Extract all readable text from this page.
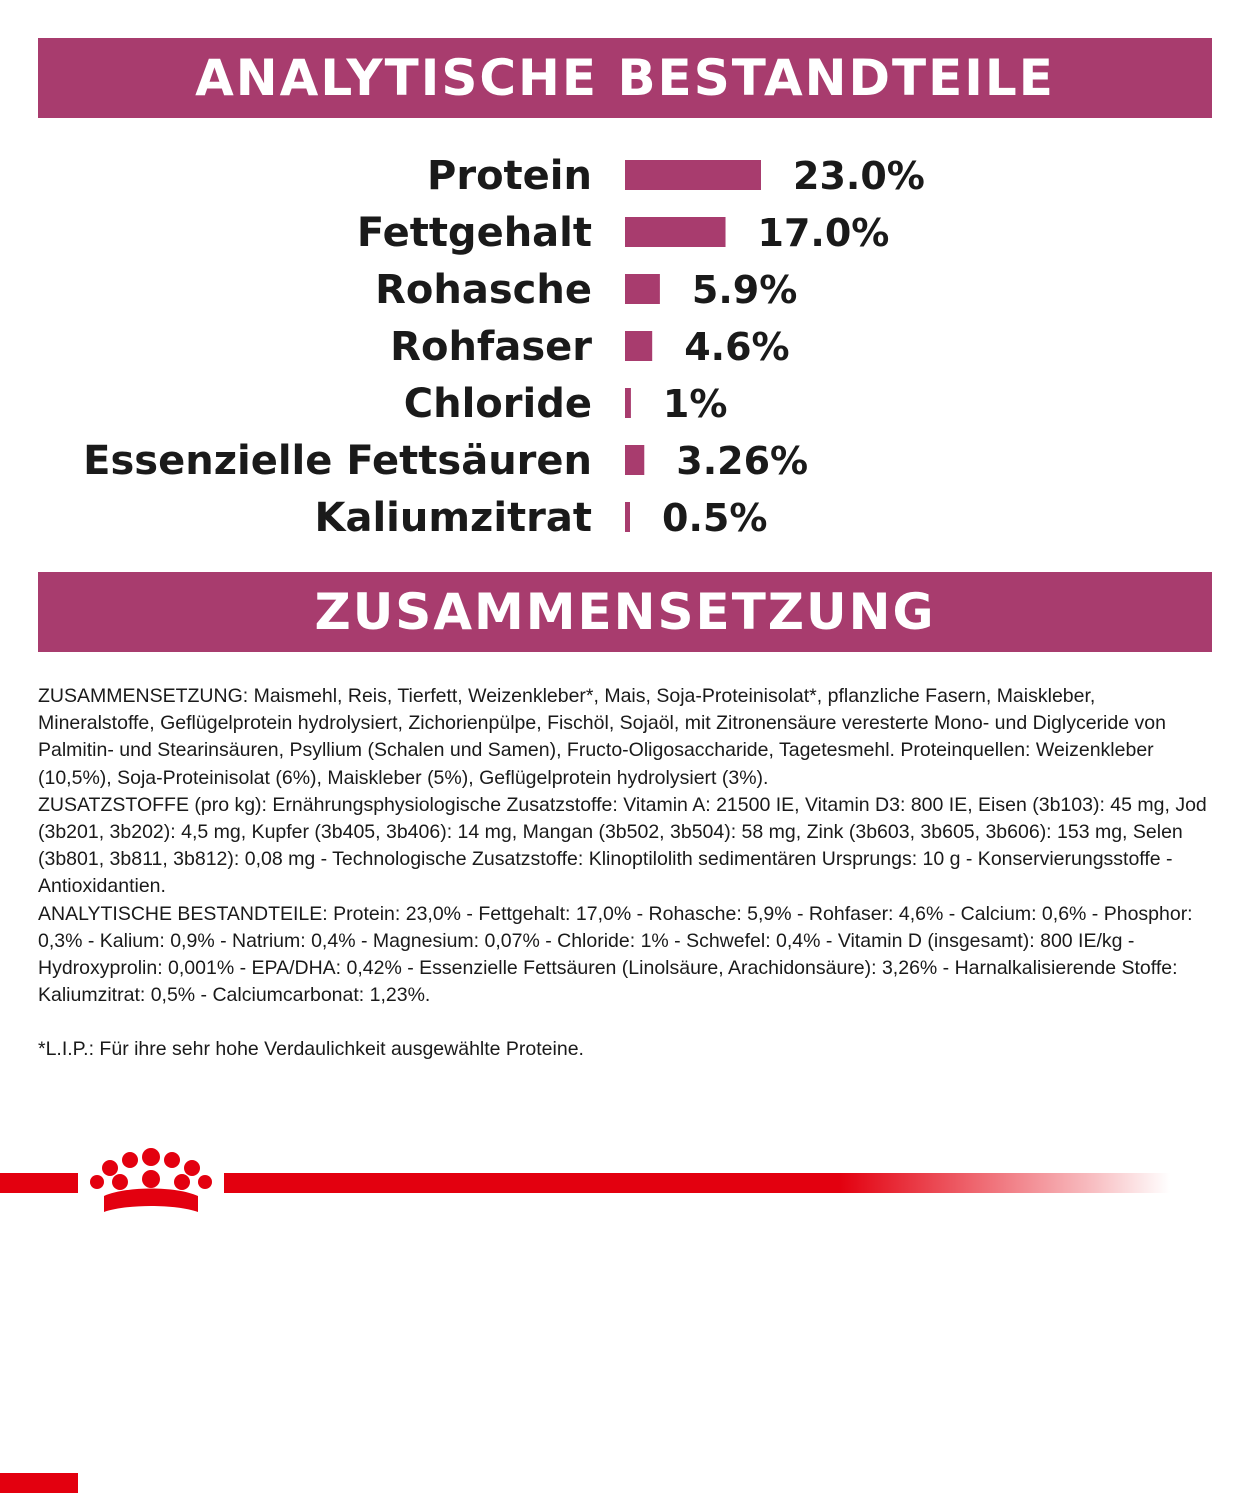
ANALYTISCHE BESTANDTEILE
Protein	23.0%
Fettgehalt	17.0%
Rohasche	5.9%
Rohfaser 4.6%
Chloride 1%
Essenzielle Fettsäuren 3.26%
Kaliumzitrat 0.5%
ZUSAMMENSETZUNG

ZUSAMMENSETZUNG: Maismehl, Reis, Tierfett, Weizenkleber*, Mais, Soja-Proteinisolat*, pflanzliche Fasern, Maiskleber, Mineralstoffe, Geflügelprotein hydrolysiert, Zichorienpülpe, Fischöl, Sojaöl, mit Zitronensäure veresterte Mono- und Diglyceride von Palmitin- und Stearinsäuren, Psyllium (Schalen und Samen), Fructo-Oligosaccharide, Tagetesmehl. Proteinquellen: Weizenkleber (10,5%), Soja-Proteinisolat (6%), Maiskleber (5%), Geflügelprotein hydrolysiert (3%).

ZUSATZSTOFFE (pro kg): Ernährungsphysiologische Zusatzstoffe: Vitamin A: 21500 IE, Vitamin D3: 800 IE, Eisen (3b103): 45 mg, Jod (3b201, 3b202): 4,5 mg, Kupfer (3b405, 3b406): 14 mg, Mangan (3b502, 3b504): 58 mg, Zink (3b603, 3b605, 3b606): 153 mg, Selen (3b801, 3b811, 3b812): 0,08 mg - Technologische Zusatzstoffe: Klinoptilolith sedimentären Ursprungs: 10 g - Konservierungsstoffe - Antioxidantien.

ANALYTISCHE BESTANDTEILE: Protein: 23,0% - Fettgehalt: 17,0% - Rohasche: 5,9% - Rohfaser: 4,6% - Calcium: 0,6% - Phosphor: 0,3% - Kalium: 0,9% - Natrium: 0,4% - Magnesium: 0,07% - Chloride: 1% - Schwefel: 0,4% - Vitamin D (insgesamt): 800 IE/kg - Hydroxyprolin: 0,001% - EPA/DHA: 0,42% - Essenzielle Fettsäuren (Linolsäure, Arachidonsäure): 3,26% - Harnalkalisierende Stoffe: Kaliumzitrat: 0,5% - Calciumcarbonat: 1,23%.

*L.I.P.: Für ihre sehr hohe Verdaulichkeit ausgewählte Proteine.
